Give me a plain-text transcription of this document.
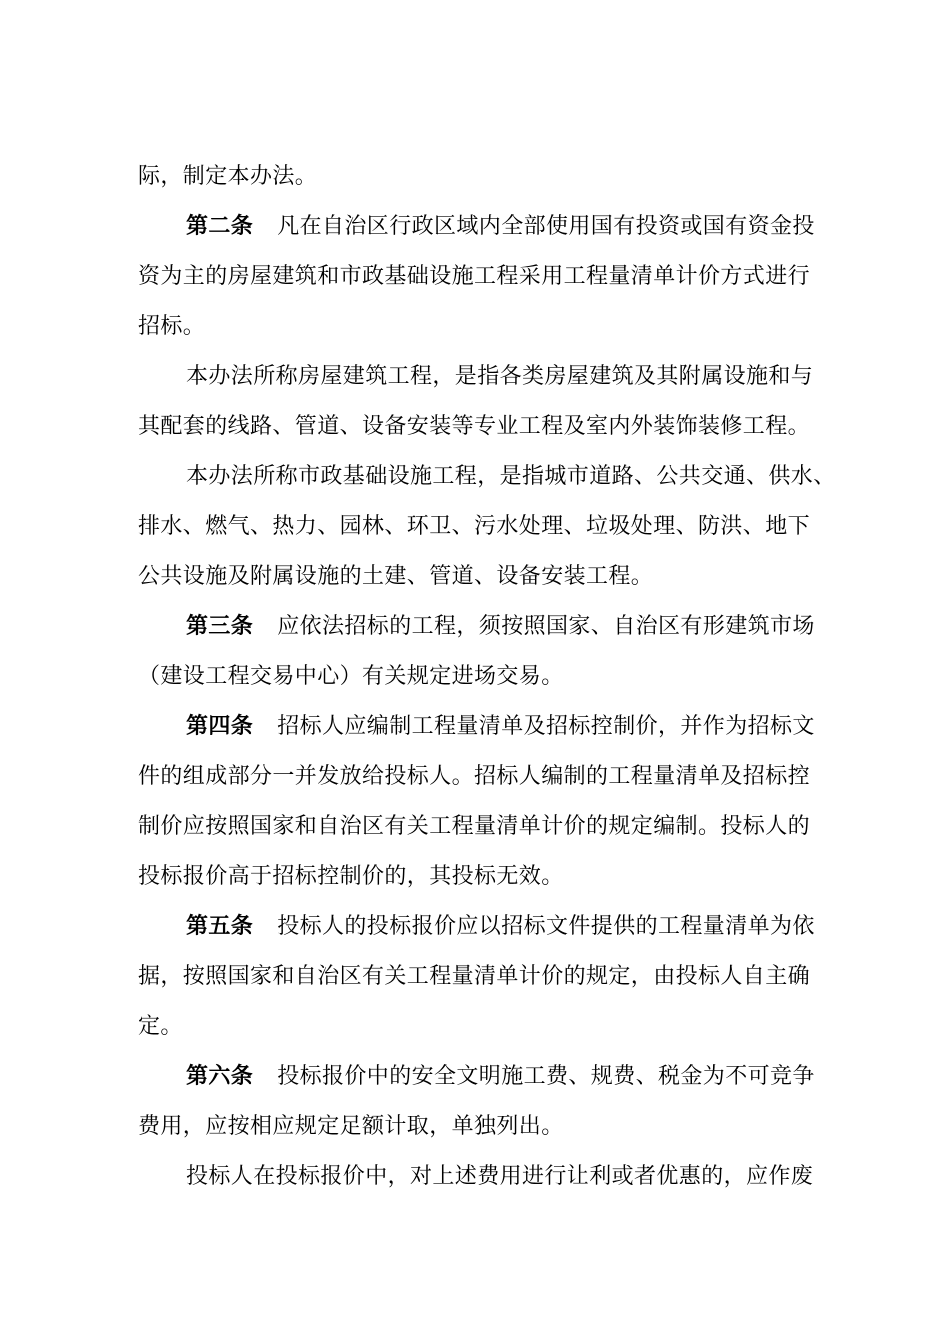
际，制定本办法。
第二条 凡在自治区行政区域内全部使用国有投资或国有资金投
资为主的房屋建筑和市政基础设施工程采用工程量清单计价方式进行
招标。
本办法所称房屋建筑工程，是指各类房屋建筑及其附属设施和与
其配套的线路、管道、设备安装等专业工程及室内外装饰装修工程。
本办法所称市政基础设施工程，是指城市道路、公共交通、供水、
排水、燃气、热力、园林、环卫、污水处理、垃圾处理、防洪、地下
公共设施及附属设施的土建、管道、设备安装工程。
第三条 应依法招标的工程，须按照国家、自治区有形建筑市场
（建设工程交易中心）有关规定进场交易。
第四条 招标人应编制工程量清单及招标控制价，并作为招标文
件的组成部分一并发放给投标人。招标人编制的工程量清单及招标控
制价应按照国家和自治区有关工程量清单计价的规定编制。投标人的
投标报价高于招标控制价的，其投标无效。
第五条 投标人的投标报价应以招标文件提供的工程量清单为依
据，按照国家和自治区有关工程量清单计价的规定，由投标人自主确
定。
第六条 投标报价中的安全文明施工费、规费、税金为不可竞争
费用，应按相应规定足额计取，单独列出。
投标人在投标报价中，对上述费用进行让利或者优惠的，应作废
